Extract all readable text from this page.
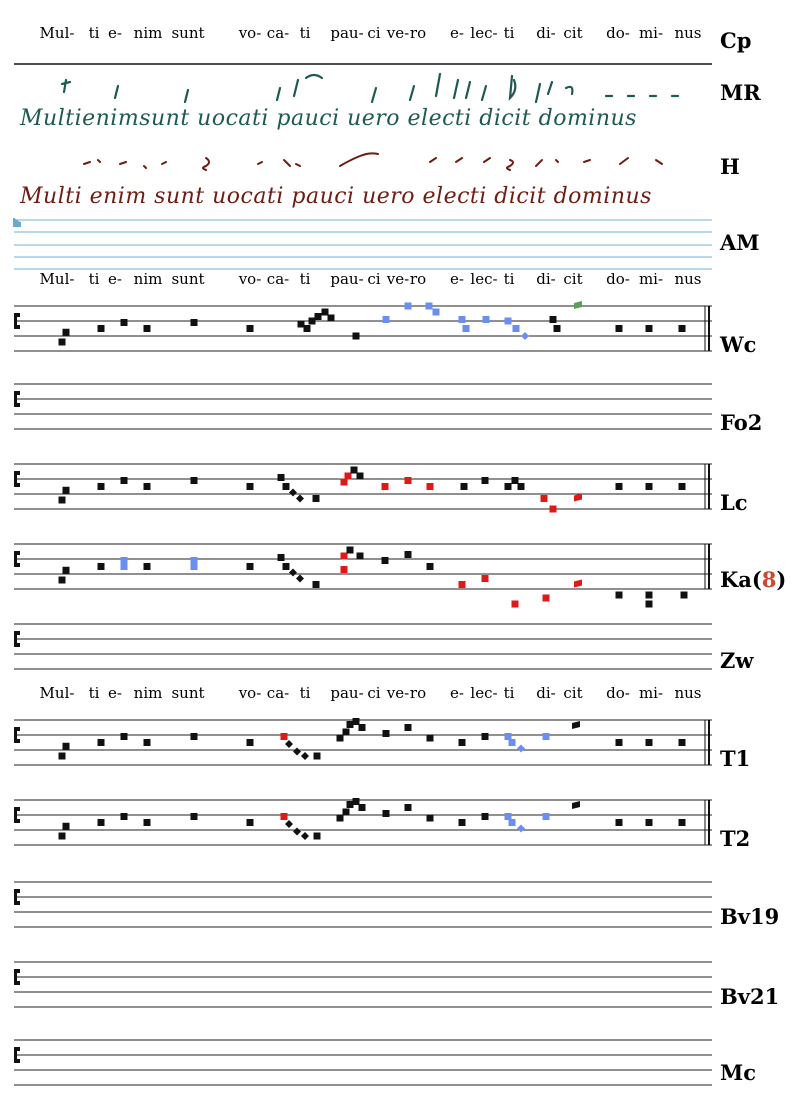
Mul- ti e- nim sunt vo- ca- ti pau- ci ve- ro e- lec- ti di- cit do- mi- nus Cp
Multienimsunt uocati pauci uero electi dicit dominus
MR
Multi enim sunt uocati pauci uero electi dicit dominus
H
AM
Mul- ti e- nim sunt vo- ca- ti pau- ci ve- ro e- lec- ti di- cit do- mi- nus
Wc
Fo2
Lc
Ka(8)
Zw
Mul- ti e- nim sunt vo- ca- ti pau- ci ve- ro e- lec- ti di- cit do- mi- nus
T1
T2
Bv19
Bv21
Mc
